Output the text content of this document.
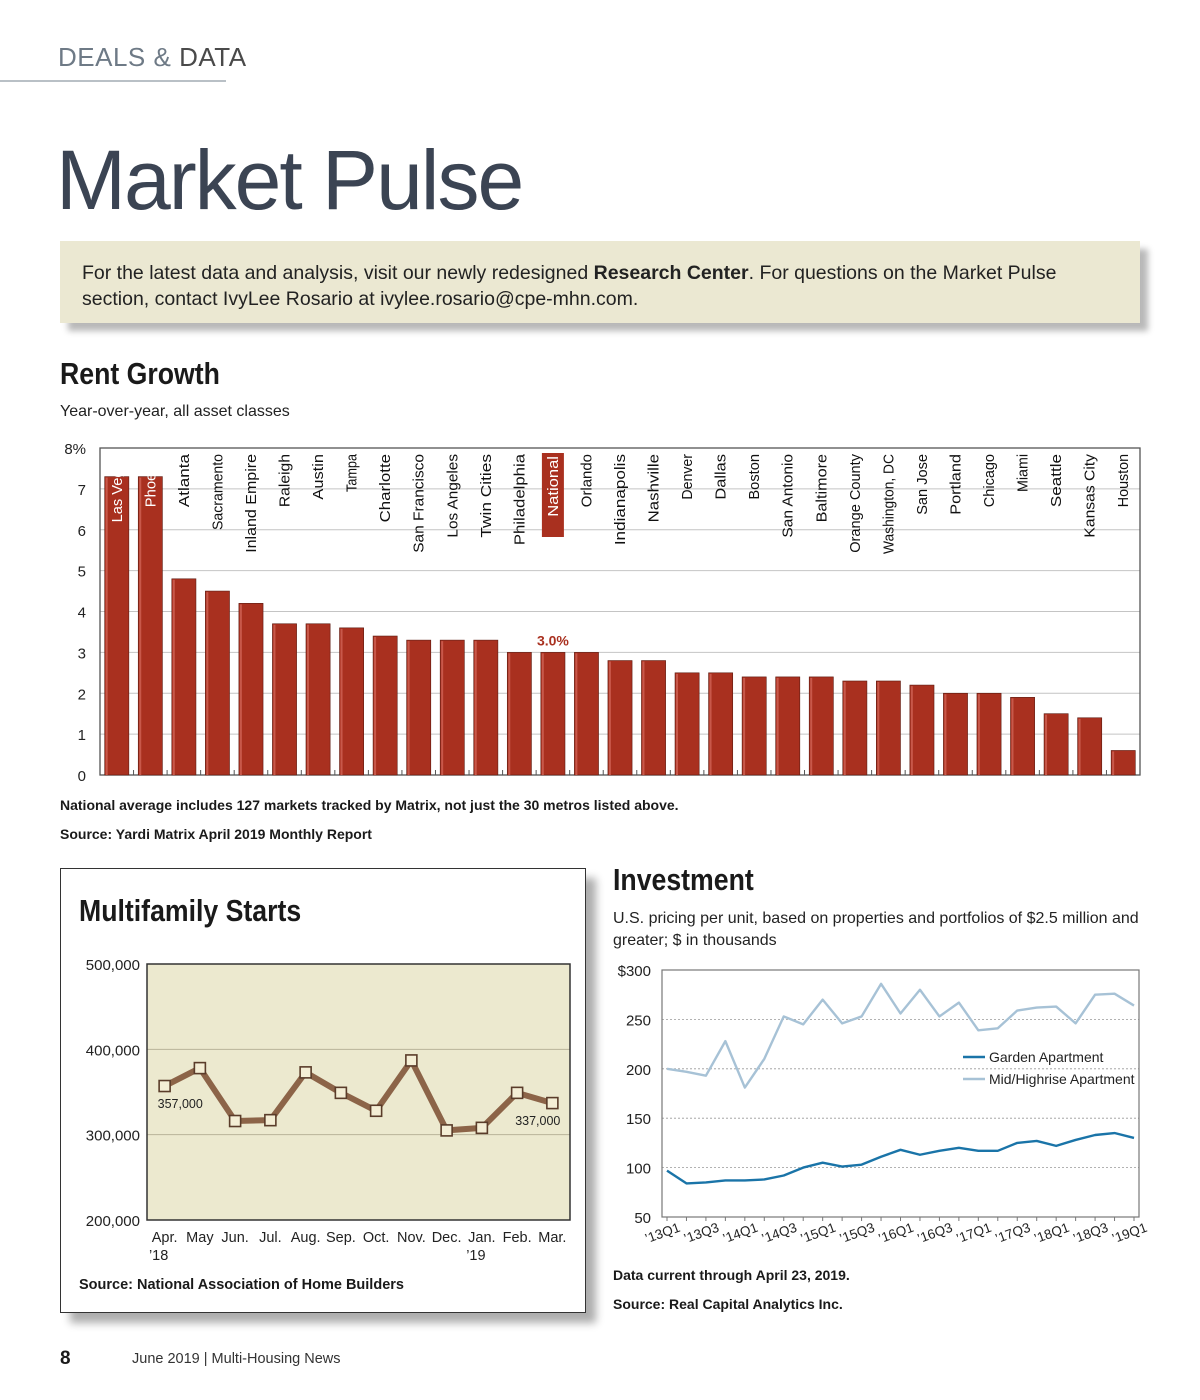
DEALS & DATA
Market Pulse
For the latest data and analysis, visit our newly redesigned Research Center. For questions on the Market Pulse section, contact IvyLee Rosario at ivylee.rosario@cpe-mhn.com.
Rent Growth
Year-over-year, all asset classes
0
1
2
3
4
5
6
7
8%
Las Vegas Phoenix Atlanta Sacramento Inland Empire Raleigh Austin Tampa Charlotte San Francisco Los Angeles Twin Cities Philadelphia National
3.0%
Orlando Indianapolis Nashville Denver Dallas Boston San Antonio Baltimore Orange County Washington, DC San Jose Portland Chicago Miami Seattle Kansas City Houston
National average includes 127 markets tracked by Matrix, not just the 30 metros listed above.
Source: Yardi Matrix April 2019 Monthly Report
Multifamily Starts
200,000
300,000
400,000
500,000
Apr.
’18
May Jun. Jul. Aug. Sep. Oct. Nov. Dec. Jan.
’19
Feb. Mar.
357,000
337,000
Source: National Association of Home Builders
Investment
U.S. pricing per unit, based on properties and portfolios of $2.5 million and greater; $ in thousands
50
100
150
200
250
$300
’13Q1 ’13Q3 ’14Q1 ’14Q3 ’15Q1 ’15Q3 ’16Q1 ’16Q3 ’17Q1 ’17Q3 ’18Q1 ’18Q3 ’19Q1
Garden Apartment
Mid/Highrise Apartment
Data current through April 23, 2019.
Source: Real Capital Analytics Inc.
8	June 2019 | Multi-Housing News
